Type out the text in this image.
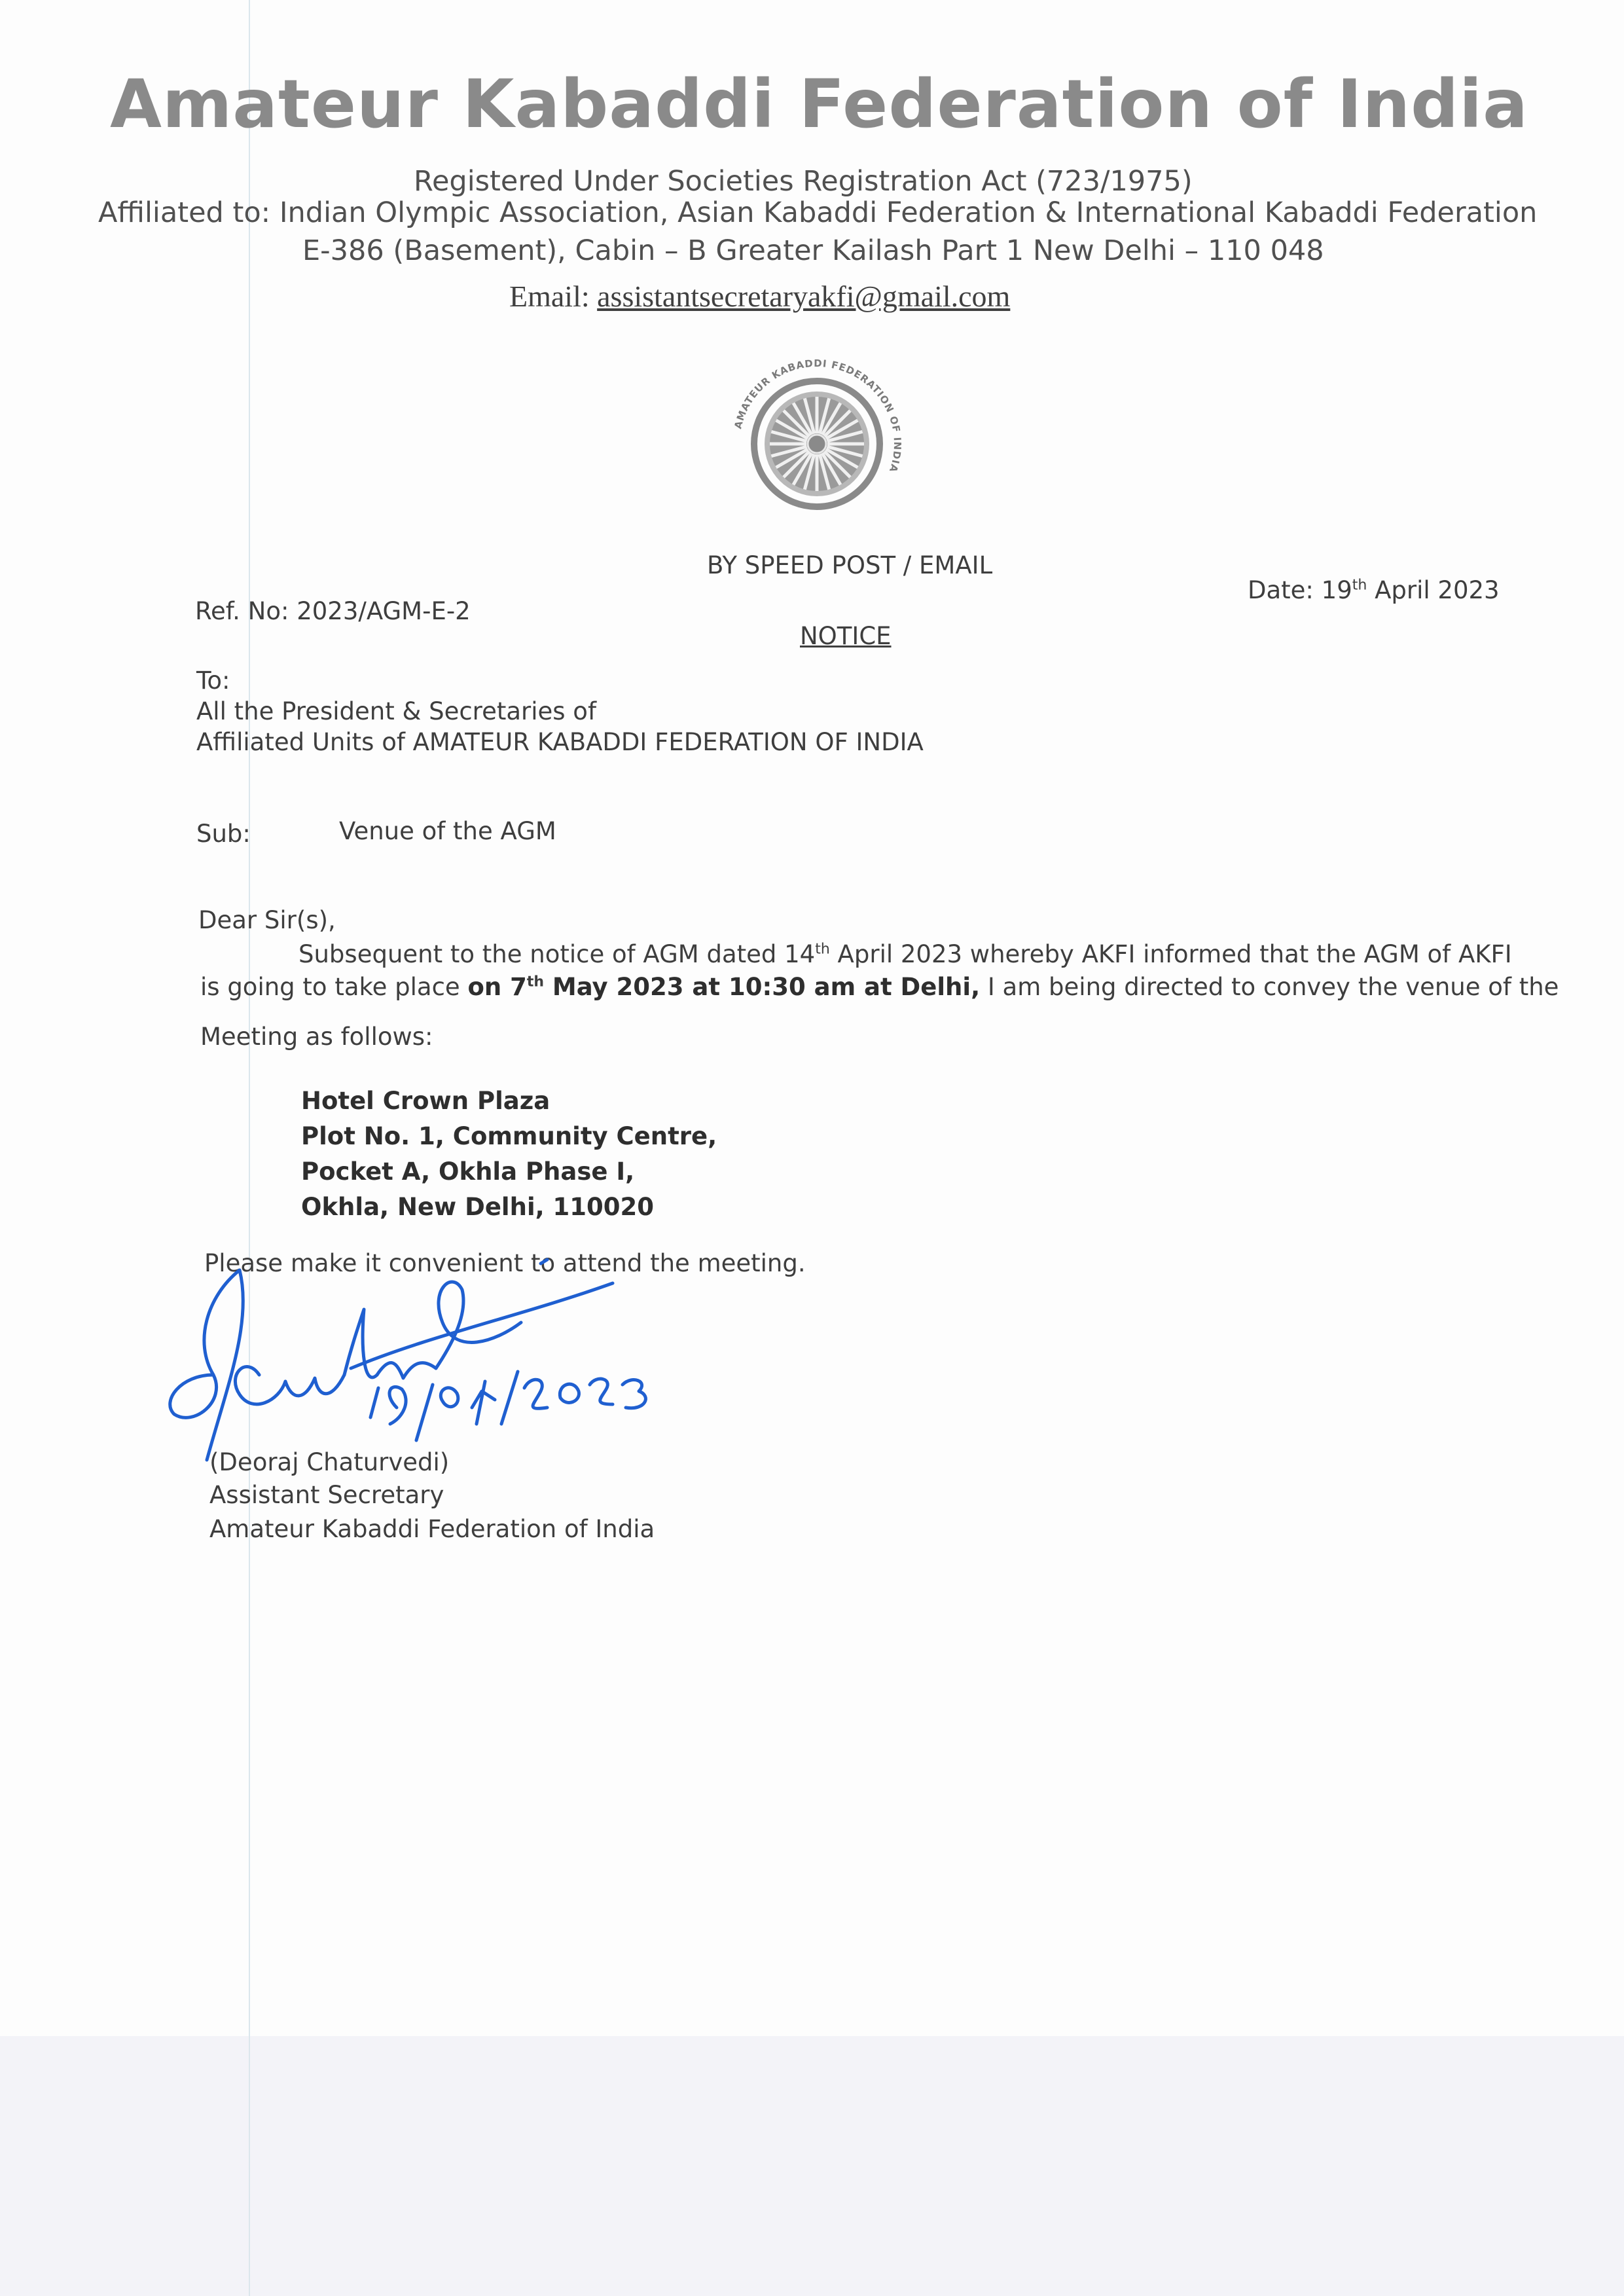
Amateur Kabaddi Federation of India
Registered Under Societies Registration Act (723/1975)
Affiliated to: Indian Olympic Association, Asian Kabaddi Federation & International Kabaddi Federation
E-386 (Basement), Cabin – B Greater Kailash Part 1 New Delhi – 110 048
Email: assistantsecretaryakfi@gmail.com
AMATEUR KABADDI FEDERATION OF INDIA
BY SPEED POST / EMAIL
Ref. No: 2023/AGM-E-2
Date: 19th April 2023
NOTICE
To:
All the President & Secretaries of
Affiliated Units of AMATEUR KABADDI FEDERATION OF INDIA
Sub:	Venue of the AGM
Dear Sir(s),
Subsequent to the notice of AGM dated 14th April 2023 whereby AKFI informed that the AGM of AKFI
is going to take place on 7th May 2023 at 10:30 am at Delhi, I am being directed to convey the venue of the
Meeting as follows:
Hotel Crown Plaza
Plot No. 1, Community Centre,
Pocket A, Okhla Phase I,
Okhla, New Delhi, 110020
Please make it convenient to attend the meeting.
(Deoraj Chaturvedi)
Assistant Secretary
Amateur Kabaddi Federation of India
